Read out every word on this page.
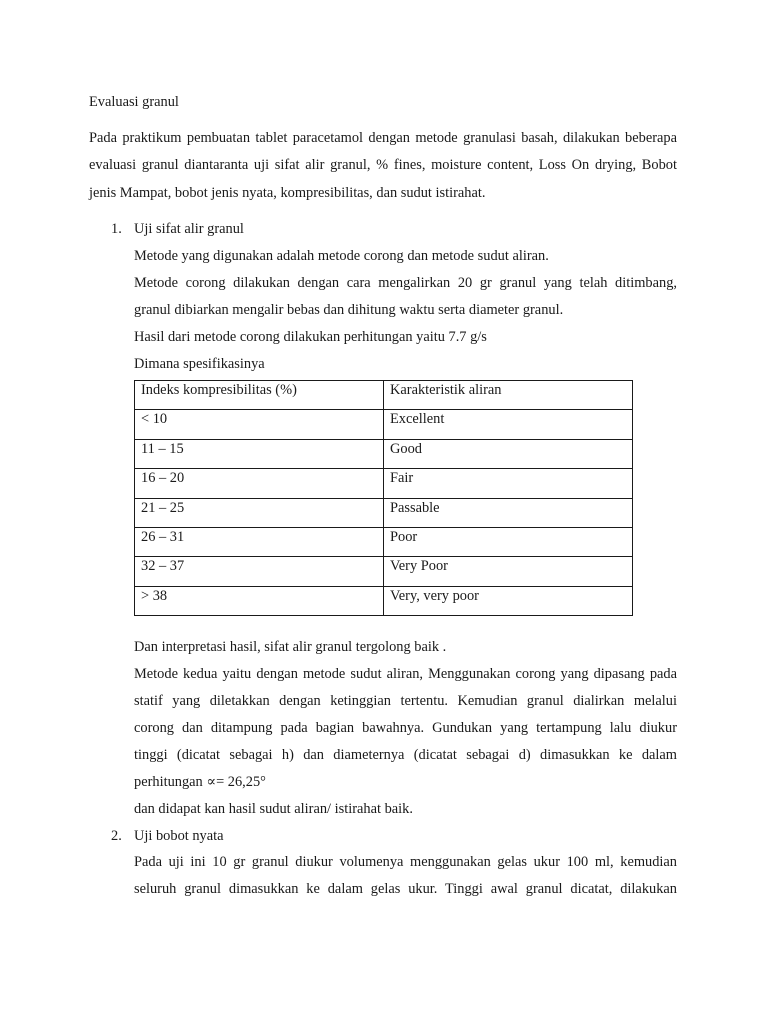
Evaluasi granul
Pada praktikum pembuatan tablet paracetamol dengan metode granulasi basah, dilakukan beberapa
evaluasi granul diantaranta uji sifat alir granul, % fines, moisture content, Loss On drying, Bobot
jenis Mampat, bobot jenis nyata, kompresibilitas, dan sudut istirahat.
1. Uji sifat alir granul
Metode yang digunakan adalah metode corong dan metode sudut aliran.
Metode corong dilakukan dengan cara mengalirkan 20 gr granul yang telah ditimbang,
granul dibiarkan mengalir bebas dan dihitung waktu serta diameter granul.
Hasil dari metode corong dilakukan perhitungan yaitu 7.7 g/s
Dimana spesifikasinya
Indeks kompresibilitas (%)	Karakteristik aliran
< 10	Excellent
11 – 15	Good
16 – 20	Fair
21 – 25	Passable
26 – 31	Poor
32 – 37	Very Poor
> 38	Very, very poor
Dan interpretasi hasil, sifat alir granul tergolong baik .
Metode kedua yaitu dengan metode sudut aliran, Menggunakan corong yang dipasang pada
statif yang diletakkan dengan ketinggian tertentu. Kemudian granul dialirkan melalui
corong dan ditampung pada bagian bawahnya. Gundukan yang tertampung lalu diukur
tinggi (dicatat sebagai h) dan diameternya (dicatat sebagai d) dimasukkan ke dalam
perhitungan ∝= 26,25°
dan didapat kan hasil sudut aliran/ istirahat baik.
2. Uji bobot nyata
Pada uji ini 10 gr granul diukur volumenya menggunakan gelas ukur 100 ml, kemudian
seluruh granul dimasukkan ke dalam gelas ukur. Tinggi awal granul dicatat, dilakukan
